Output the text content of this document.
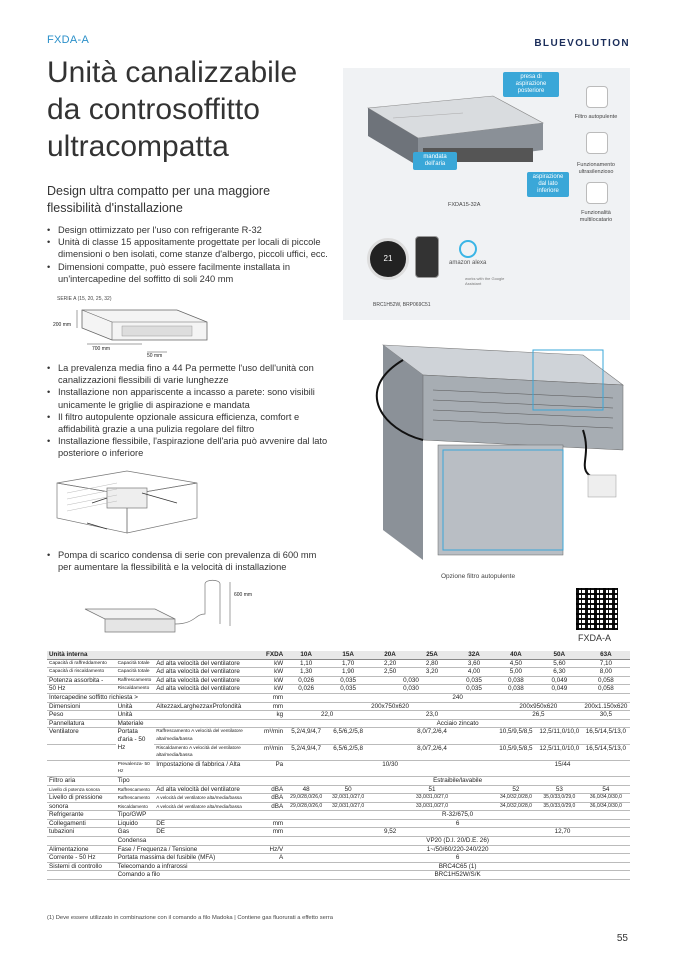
FXDA-A	BLUEVOLUTION
Unità canalizzabile da controsoffitto ultracompatta
Design ultra compatto per una maggiore flessibilità d'installazione
• Design ottimizzato per l'uso con refrigerante R-32
• Unità di classe 15 appositamente progettate per locali di piccole dimensioni o ben isolati, come stanze d'albergo, piccoli uffici, ecc.
• Dimensioni compatte, può essere facilmente installata in un'intercapedine del soffitto di soli 240 mm
SERIE A (15, 20, 25, 32)
200 mm
700 mm
50 mm
• La prevalenza media fino a 44 Pa permette l'uso dell'unità con canalizzazioni flessibili di varie lunghezze
• Installazione non appariscente a incasso a parete: sono visibili unicamente le griglie di aspirazione e mandata
• Il filtro autopulente opzionale assicura efficienza, comfort e affidabilità grazie a una pulizia regolare del filtro
• Installazione flessibile, l'aspirazione dell'aria può avvenire dal lato posteriore o inferiore
• Pompa di scarico condensa di serie con prevalenza di 600 mm per aumentare la flessibilità e la velocità di installazione
600 mm
presa di aspirazione posteriore
mandata dell'aria
aspirazione dal lato inferiore
FXDA15-32A
Filtro autopulente
Funzionamento ultrasilenzioso
Funzionalità multilocatario
21	amazon alexa
works with the Google Assistant
BRC1H52W, BRP069C51
Opzione filtro autopulente
FXDA-A
Unità interna			FXDA	10A	15A	20A	25A	32A	40A	50A	63A
Capacità di raffreddamento	Capacità totale	Ad alta velocità del ventilatore	kW	1,10	1,70	2,20	2,80	3,60	4,50	5,60	7,10
Capacità di riscaldamento	Capacità totale	Ad alta velocità del ventilatore	kW	1,30	1,90	2,50	3,20	4,00	5,00	6,30	8,00
Potenza assorbita -	Raffrescamento	Ad alta velocità del ventilatore	kW	0,026	0,035	0,030		0,035	0,038	0,049	0,058
50 Hz	Riscaldamento	Ad alta velocità del ventilatore	kW	0,026	0,035	0,030		0,035	0,038	0,049	0,058
Intercapedine soffitto richiesta >			mm	240							
Dimensioni	Unità	AltezzaxLarghezzaxProfondità	mm	200x750x620					200x950x620		200x1.150x620
Peso	Unità		kg	22,0		23,0			26,5		30,5
Pannellatura	Materiale			Acciaio zincato							
Ventilatore	Portata d'aria - 50 Hz	Raffrescamento A velocità del ventilatore alta/media/bassa	m³/min	5,2/4,9/4,7	6,5/6,2/5,8	8,0/7,2/6,4			10,5/9,5/8,5	12,5/11,0/10,0	16,5/14,5/13,0
		Riscaldamento A velocità del ventilatore alta/media/bassa	m³/min	5,2/4,9/4,7	6,5/6,2/5,8	8,0/7,2/6,4			10,5/9,5/8,5	12,5/11,0/10,0	16,5/14,5/13,0
	Prevalenza- 50 Hz	Impostazione di fabbrica / Alta	Pa	10/30					15/44		
Filtro aria	Tipo			Estraibile/lavabile							
Livello di potenza sonora	Raffrescamento	Ad alta velocità del ventilatore	dBA	48	50	51			52	53	54
Livello di pressione	Raffrescamento	A velocità del ventilatore alta/media/bassa	dBA	29,0/28,0/26,0	32,0/31,0/27,0	33,0/31,0/27,0			34,0/32,0/28,0	35,0/33,0/29,0	36,0/34,0/30,0
sonora	Riscaldamento	A velocità del ventilatore alta/media/bassa	dBA	29,0/28,0/26,0	32,0/31,0/27,0	33,0/31,0/27,0			34,0/32,0/28,0	35,0/33,0/29,0	36,0/34,0/30,0
Refrigerante	Tipo/GWP			R-32/675,0							
Collegamenti	Liquido	DE	mm	6							
tubazioni	Gas	DE	mm	9,52					12,70		
	Condensa			VP20 (D.I. 20/D.E. 26)							
Alimentazione	Fase / Frequenza / Tensione		Hz/V	1~/50/60/220-240/220							
Corrente - 50 Hz	Portata massima del fusibile (MFA)		A	6							
Sistemi di controllo	Telecomando a infrarossi			BRC4C65 (1)							
	Comando a filo			BRC1H52W/S/K							
(1) Deve essere utilizzato in combinazione con il comando a filo Madoka | Contiene gas fluorurati a effetto serra
55
